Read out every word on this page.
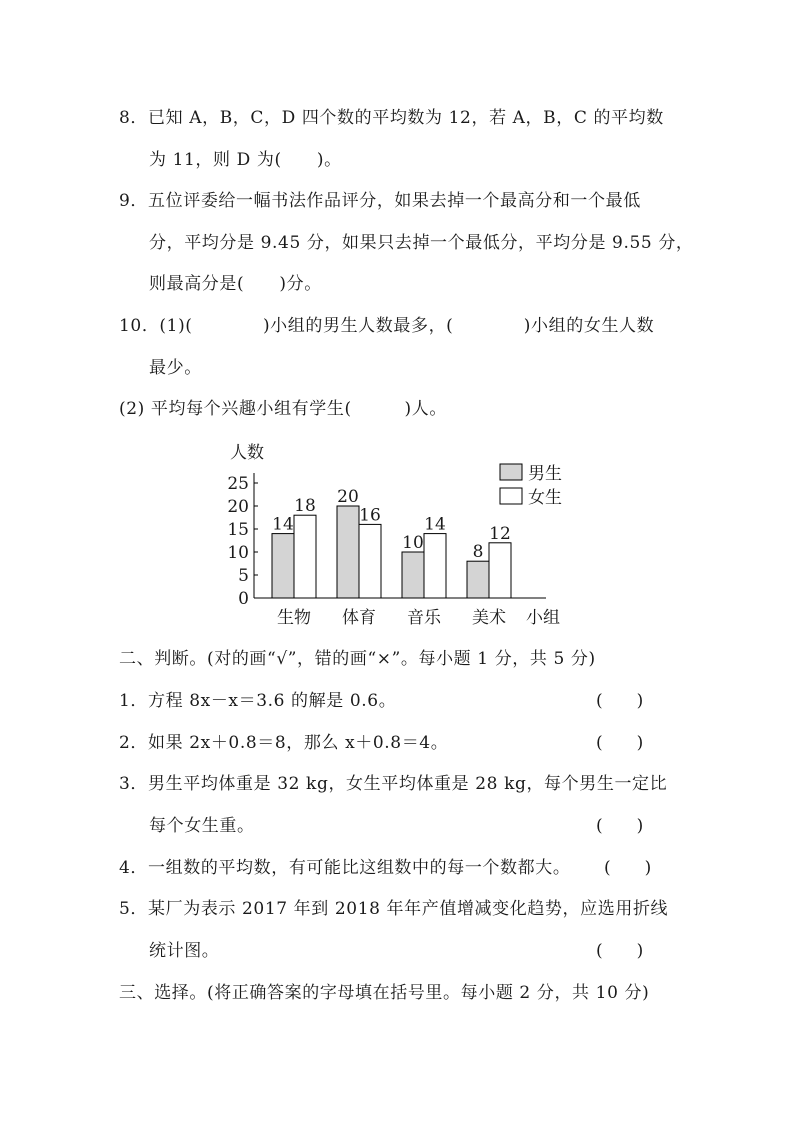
8．已知 A，B，C，D 四个数的平均数为 12，若 A，B，C 的平均数
为 11，则 D 为(　　)。
9．五位评委给一幅书法作品评分，如果去掉一个最高分和一个最低
分，平均分是 9.45 分，如果只去掉一个最低分，平均分是 9.55 分，
则最高分是(　　)分。
10．(1)(　　　　)小组的男生人数最多，(　　　　)小组的女生人数
最少。
(2) 平均每个兴趣小组有学生(　　　)人。
0
5
10
15
20
25
人数
小组
14
18
生物
20
16
体育
10
14
音乐
8
12
美术
男生
女生
二、判断。(对的画“√”，错的画“×”。每小题 1 分，共 5 分)
1．方程 8x－x＝3.6 的解是 0.6。	(　　)
2．如果 2x＋0.8＝8，那么 x＋0.8＝4。	(　　)
3．男生平均体重是 32 kg，女生平均体重是 28 kg，每个男生一定比
每个女生重。	(　　)
4．一组数的平均数，有可能比这组数中的每一个数都大。 (　　)
5．某厂为表示 2017 年到 2018 年年产值增减变化趋势，应选用折线
统计图。	(　　)
三、选择。(将正确答案的字母填在括号里。每小题 2 分，共 10 分)
